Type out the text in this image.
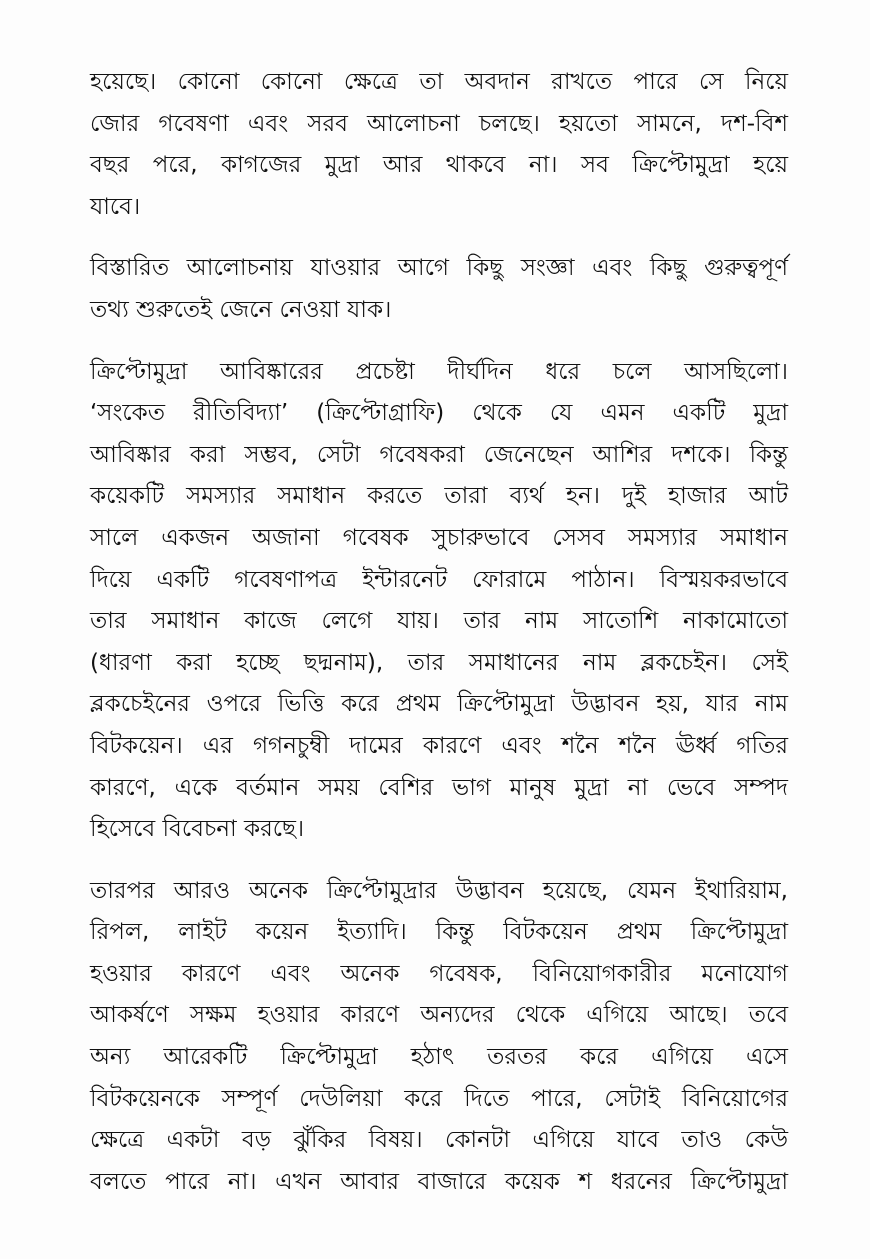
হয়েছে। কোনো কোনো ক্ষেত্রে তা অবদান রাখতে পারে সে নিয়ে
জোর গবেষণা এবং সরব আলোচনা চলছে। হয়তো সামনে, দশ-বিশ
বছর পরে, কাগজের মুদ্রা আর থাকবে না। সব ক্রিপ্টোমুদ্রা হয়ে
যাবে।

বিস্তারিত আলোচনায় যাওয়ার আগে কিছু সংজ্ঞা এবং কিছু গুরুত্বপূর্ণ
তথ্য শুরুতেই জেনে নেওয়া যাক।

ক্রিপ্টোমুদ্রা আবিষ্কারের প্রচেষ্টা দীর্ঘদিন ধরে চলে আসছিলো।
‘সংকেত রীতিবিদ্যা’ (ক্রিপ্টোগ্রাফি) থেকে যে এমন একটি মুদ্রা
আবিষ্কার করা সম্ভব, সেটা গবেষকরা জেনেছেন আশির দশকে। কিন্তু
কয়েকটি সমস্যার সমাধান করতে তারা ব্যর্থ হন। দুই হাজার আট
সালে একজন অজানা গবেষক সুচারুভাবে সেসব সমস্যার সমাধান
দিয়ে একটি গবেষণাপত্র ইন্টারনেট ফোরামে পাঠান। বিস্ময়করভাবে
তার সমাধান কাজে লেগে যায়। তার নাম সাতোশি নাকামোতো
(ধারণা করা হচ্ছে ছদ্মনাম), তার সমাধানের নাম ব্লকচেইন। সেই
ব্লকচেইনের ওপরে ভিত্তি করে প্রথম ক্রিপ্টোমুদ্রা উদ্ভাবন হয়, যার নাম
বিটকয়েন। এর গগনচুম্বী দামের কারণে এবং শনৈ শনৈ ঊর্ধ্ব গতির
কারণে, একে বর্তমান সময় বেশির ভাগ মানুষ মুদ্রা না ভেবে সম্পদ
হিসেবে বিবেচনা করছে।

তারপর আরও অনেক ক্রিপ্টোমুদ্রার উদ্ভাবন হয়েছে, যেমন ইথারিয়াম,
রিপল, লাইট কয়েন ইত্যাদি। কিন্তু বিটকয়েন প্রথম ক্রিপ্টোমুদ্রা
হওয়ার কারণে এবং অনেক গবেষক, বিনিয়োগকারীর মনোযোগ
আকর্ষণে সক্ষম হওয়ার কারণে অন্যদের থেকে এগিয়ে আছে। তবে
অন্য আরেকটি ক্রিপ্টোমুদ্রা হঠাৎ তরতর করে এগিয়ে এসে
বিটকয়েনকে সম্পূর্ণ দেউলিয়া করে দিতে পারে, সেটাই বিনিয়োগের
ক্ষেত্রে একটা বড় ঝুঁকির বিষয়। কোনটা এগিয়ে যাবে তাও কেউ
বলতে পারে না। এখন আবার বাজারে কয়েক শ ধরনের ক্রিপ্টোমুদ্রা
